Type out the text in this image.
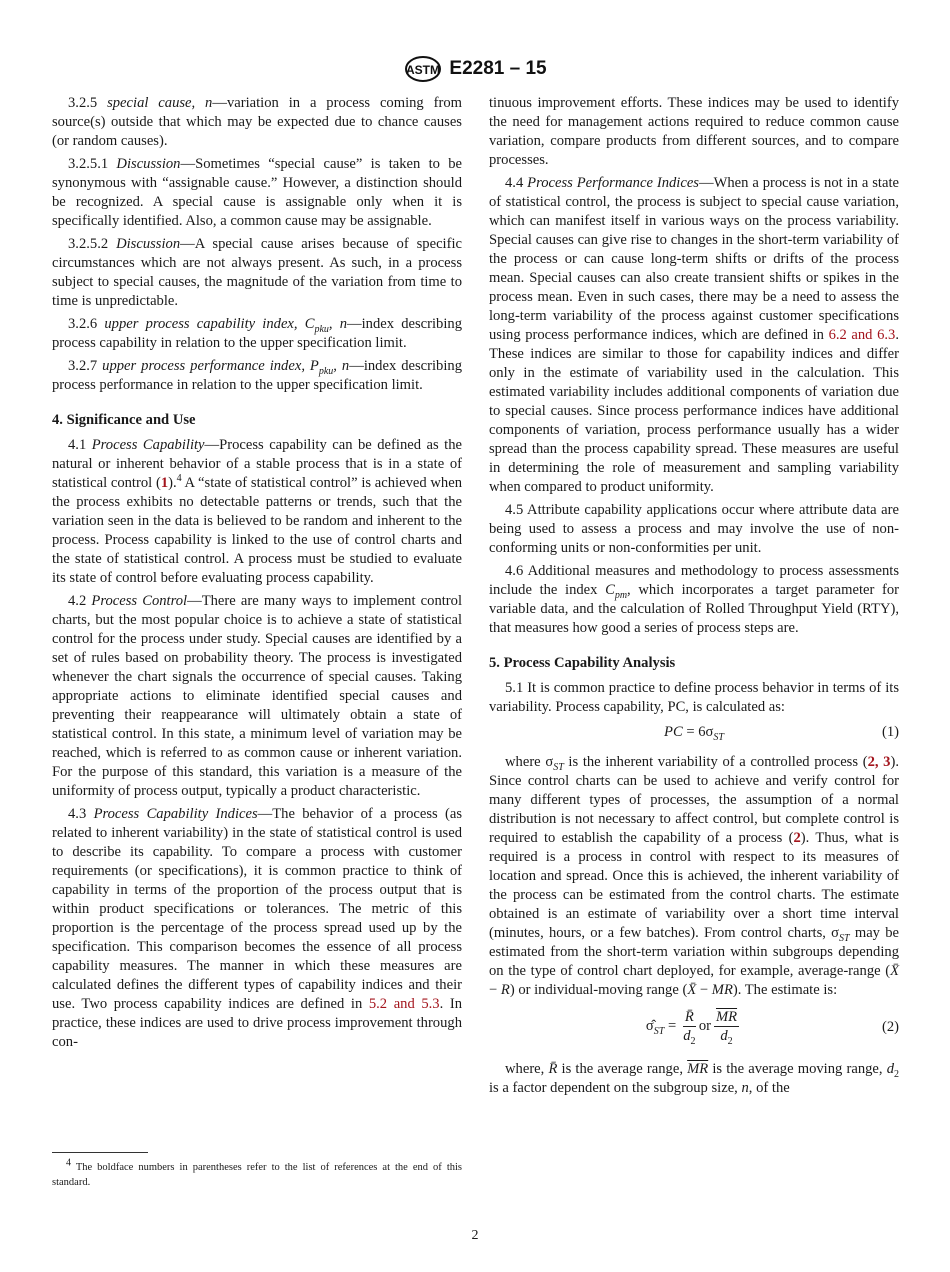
ASTM E2281 – 15

3.2.5 special cause, n—variation in a process coming from source(s) outside that which may be expected due to chance causes (or random causes).

3.2.5.1 Discussion—Sometimes “special cause” is taken to be synonymous with “assignable cause.” However, a distinction should be recognized. A special cause is assignable only when it is specifically identified. Also, a common cause may be assignable.

3.2.5.2 Discussion—A special cause arises because of specific circumstances which are not always present. As such, in a process subject to special causes, the magnitude of the variation from time to time is unpredictable.

3.2.6 upper process capability index, $C_{pku}$, n—index describing process capability in relation to the upper specification limit.

3.2.7 upper process performance index, $P_{pku}$, n—index describing process performance in relation to the upper specification limit.

4. Significance and Use

4.1 Process Capability—Process capability can be defined as the natural or inherent behavior of a stable process that is in a state of statistical control (1).$^4$ A “state of statistical control” is achieved when the process exhibits no detectable patterns or trends, such that the variation seen in the data is believed to be random and inherent to the process. Process capability is linked to the use of control charts and the state of statistical control. A process must be studied to evaluate its state of control before evaluating process capability.

4.2 Process Control—There are many ways to implement control charts, but the most popular choice is to achieve a state of statistical control for the process under study. Special causes are identified by a set of rules based on probability theory. The process is investigated whenever the chart signals the occurrence of special causes. Taking appropriate actions to eliminate identified special causes and preventing their reappearance will ultimately obtain a state of statistical control. In this state, a minimum level of variation may be reached, which is referred to as common cause or inherent variation. For the purpose of this standard, this variation is a measure of the uniformity of process output, typically a product characteristic.

4.3 Process Capability Indices—The behavior of a process (as related to inherent variability) in the state of statistical control is used to describe its capability. To compare a process with customer requirements (or specifications), it is common practice to think of capability in terms of the proportion of the process output that is within product specifications or tolerances. The metric of this proportion is the percentage of the process spread used up by the specification. This comparison becomes the essence of all process capability measures. The manner in which these measures are calculated defines the different types of capability indices and their use. Two process capability indices are defined in 5.2 and 5.3. In practice, these indices are used to drive process improvement through con-

tinuous improvement efforts. These indices may be used to identify the need for management actions required to reduce common cause variation, compare products from different sources, and to compare processes.

4.4 Process Performance Indices—When a process is not in a state of statistical control, the process is subject to special cause variation, which can manifest itself in various ways on the process variability. Special causes can give rise to changes in the short-term variability of the process or can cause long-term shifts or drifts of the process mean. Special causes can also create transient shifts or spikes in the process mean. Even in such cases, there may be a need to assess the long-term variability of the process against customer specifications using process performance indices, which are defined in 6.2 and 6.3. These indices are similar to those for capability indices and differ only in the estimate of variability used in the calculation. This estimated variability includes additional components of variation due to special causes. Since process performance indices have additional components of variation, process performance usually has a wider spread than the process capability spread. These measures are useful in determining the role of measurement and sampling variability when compared to product uniformity.

4.5 Attribute capability applications occur where attribute data are being used to assess a process and may involve the use of non-conforming units or non-conformities per unit.

4.6 Additional measures and methodology to process assessments include the index $C_{pm}$, which incorporates a target parameter for variable data, and the calculation of Rolled Throughput Yield (RTY), that measures how good a series of process steps are.

5. Process Capability Analysis

5.1 It is common practice to define process behavior in terms of its variability. Process capability, PC, is calculated as:

PC = $6\sigma_{ST}$	(1)

where $\sigma_{ST}$ is the inherent variability of a controlled process (2, 3). Since control charts can be used to achieve and verify control for many different types of processes, the assumption of a normal distribution is not necessary to affect control, but complete control is required to establish the capability of a process (2). Thus, what is required is a process in control with respect to its measures of location and spread. Once this is achieved, the inherent variability of the process can be estimated from the control charts. The estimate obtained is an estimate of variability over a short time interval (minutes, hours, or a few batches). From control charts, $\sigma_{ST}$ may be estimated from the short-term variation within subgroups depending on the type of control chart deployed, for example, average-range (X̄ − R) or individual-moving range (X̄ − MR). The estimate is:

$\sigmâ_{ST} = \frac{R̄}{d_2}$ or $\frac{\overline{MR}}{d_2}$	(2)

where, R̄ is the average range, $\overline{MR}$ is the average moving range, $d_2$ is a factor dependent on the subgroup size, n, of the

$^4$ The boldface numbers in parentheses refer to the list of references at the end of this standard.
2
